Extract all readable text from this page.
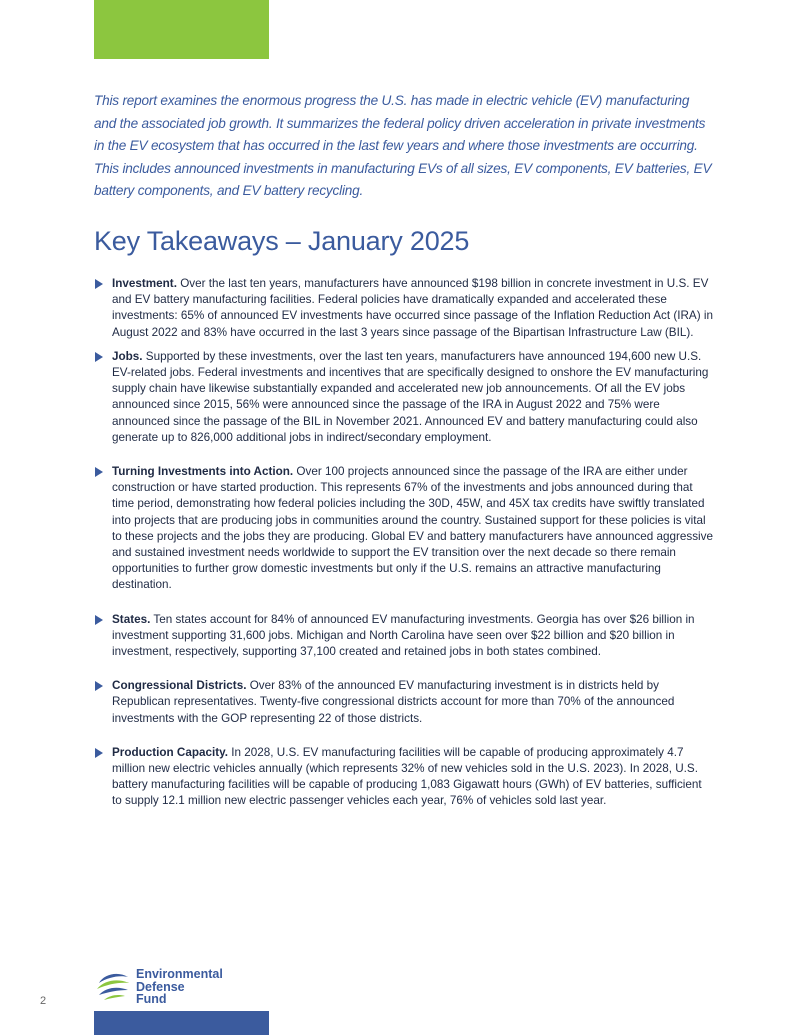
This report examines the enormous progress the U.S. has made in electric vehicle (EV) manufacturing and the associated job growth. It summarizes the federal policy driven acceleration in private investments in the EV ecosystem that has occurred in the last few years and where those investments are occurring. This includes announced investments in manufacturing EVs of all sizes, EV components, EV batteries, EV battery components, and EV battery recycling.

Key Takeaways – January 2025
Investment. Over the last ten years, manufacturers have announced $198 billion in concrete investment in U.S. EV and EV battery manufacturing facilities. Federal policies have dramatically expanded and accelerated these investments: 65% of announced EV investments have occurred since passage of the Inflation Reduction Act (IRA) in August 2022 and 83% have occurred in the last 3 years since passage of the Bipartisan Infrastructure Law (BIL).
Jobs. Supported by these investments, over the last ten years, manufacturers have announced 194,600 new U.S. EV-related jobs. Federal investments and incentives that are specifically designed to onshore the EV manufacturing supply chain have likewise substantially expanded and accelerated new job announcements. Of all the EV jobs announced since 2015, 56% were announced since the passage of the IRA in August 2022 and 75% were announced since the passage of the BIL in November 2021. Announced EV and battery manufacturing could also generate up to 826,000 additional jobs in indirect/secondary employment.
Turning Investments into Action. Over 100 projects announced since the passage of the IRA are either under construction or have started production. This represents 67% of the investments and jobs announced during that time period, demonstrating how federal policies including the 30D, 45W, and 45X tax credits have swiftly translated into projects that are producing jobs in communities around the country. Sustained support for these policies is vital to these projects and the jobs they are producing. Global EV and battery manufacturers have announced aggressive and sustained investment needs worldwide to support the EV transition over the next decade so there remain opportunities to further grow domestic investments but only if the U.S. remains an attractive manufacturing destination.
States. Ten states account for 84% of announced EV manufacturing investments. Georgia has over $26 billion in investment supporting 31,600 jobs. Michigan and North Carolina have seen over $22 billion and $20 billion in investment, respectively, supporting 37,100 created and retained jobs in both states combined.
Congressional Districts. Over 83% of the announced EV manufacturing investment is in districts held by Republican representatives. Twenty-five congressional districts account for more than 70% of the announced investments with the GOP representing 22 of those districts.
Production Capacity. In 2028, U.S. EV manufacturing facilities will be capable of producing approximately 4.7 million new electric vehicles annually (which represents 32% of new vehicles sold in the U.S. 2023). In 2028, U.S. battery manufacturing facilities will be capable of producing 1,083 Gigawatt hours (GWh) of EV batteries, sufficient to supply 12.1 million new electric passenger vehicles each year, 76% of vehicles sold last year.
Environmental
Defense
Fund
2
